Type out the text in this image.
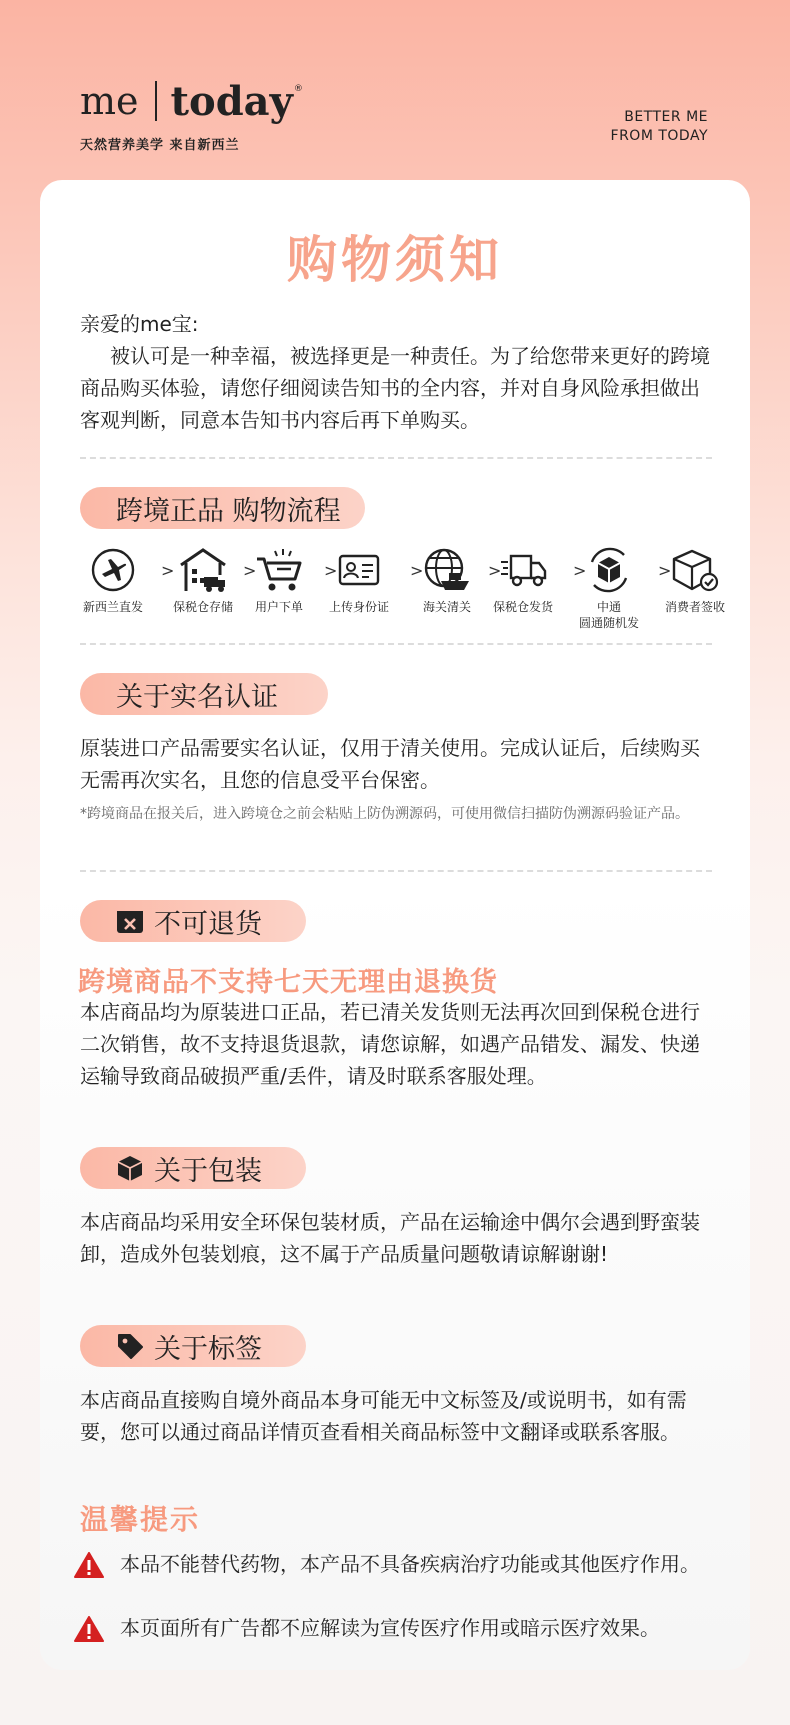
me today ®
天然营养美学 来自新西兰
BETTER ME
FROM TODAY
购物须知
亲爱的me宝:
被认可是一种幸福，被选择更是一种责任。为了给您带来更好的跨境商品购买体验，请您仔细阅读告知书的全内容，并对自身风险承担做出客观判断，同意本告知书内容后再下单购买。
跨境正品 购物流程
新西兰直发
>
保税仓存储
>
用户下单
>
上传身份证
>
海关清关
>
保税仓发货
>
中通
圆通随机发
>
消费者签收
关于实名认证
原装进口产品需要实名认证，仅用于清关使用。完成认证后，后续购买无需再次实名，且您的信息受平台保密。
*跨境商品在报关后，进入跨境仓之前会粘贴上防伪溯源码，可使用微信扫描防伪溯源码验证产品。
不可退货
跨境商品不支持七天无理由退换货
本店商品均为原装进口正品，若已清关发货则无法再次回到保税仓进行二次销售，故不支持退货退款，请您谅解，如遇产品错发、漏发、快递运输导致商品破损严重/丢件，请及时联系客服处理。
关于包装
本店商品均采用安全环保包装材质，产品在运输途中偶尔会遇到野蛮装卸，造成外包装划痕，这不属于产品质量问题敬请谅解谢谢!
关于标签
本店商品直接购自境外商品本身可能无中文标签及/或说明书，如有需要，您可以通过商品详情页查看相关商品标签中文翻译或联系客服。
温馨提示
本品不能替代药物，本产品不具备疾病治疗功能或其他医疗作用。
本页面所有广告都不应解读为宣传医疗作用或暗示医疗效果。
